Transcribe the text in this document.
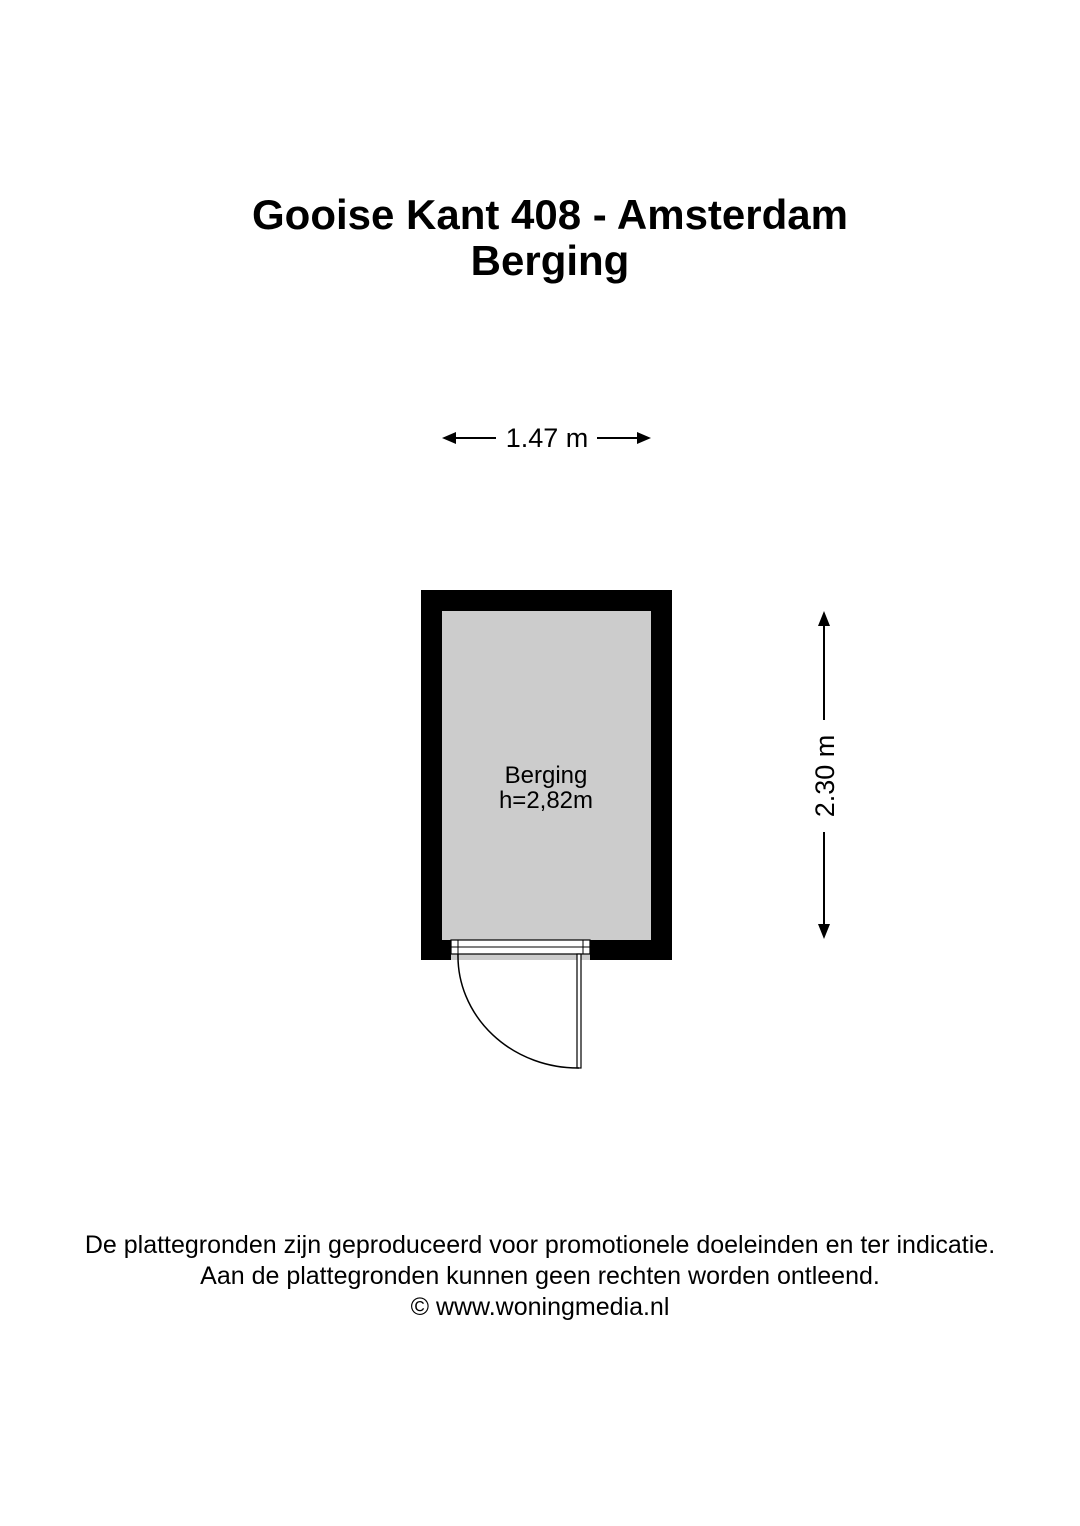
Gooise Kant 408 - Amsterdam
Berging
1.47 m
2.30 m
Berging
h=2,82m
De plattegronden zijn geproduceerd voor promotionele doeleinden en ter indicatie.
Aan de plattegronden kunnen geen rechten worden ontleend.
© www.woningmedia.nl
